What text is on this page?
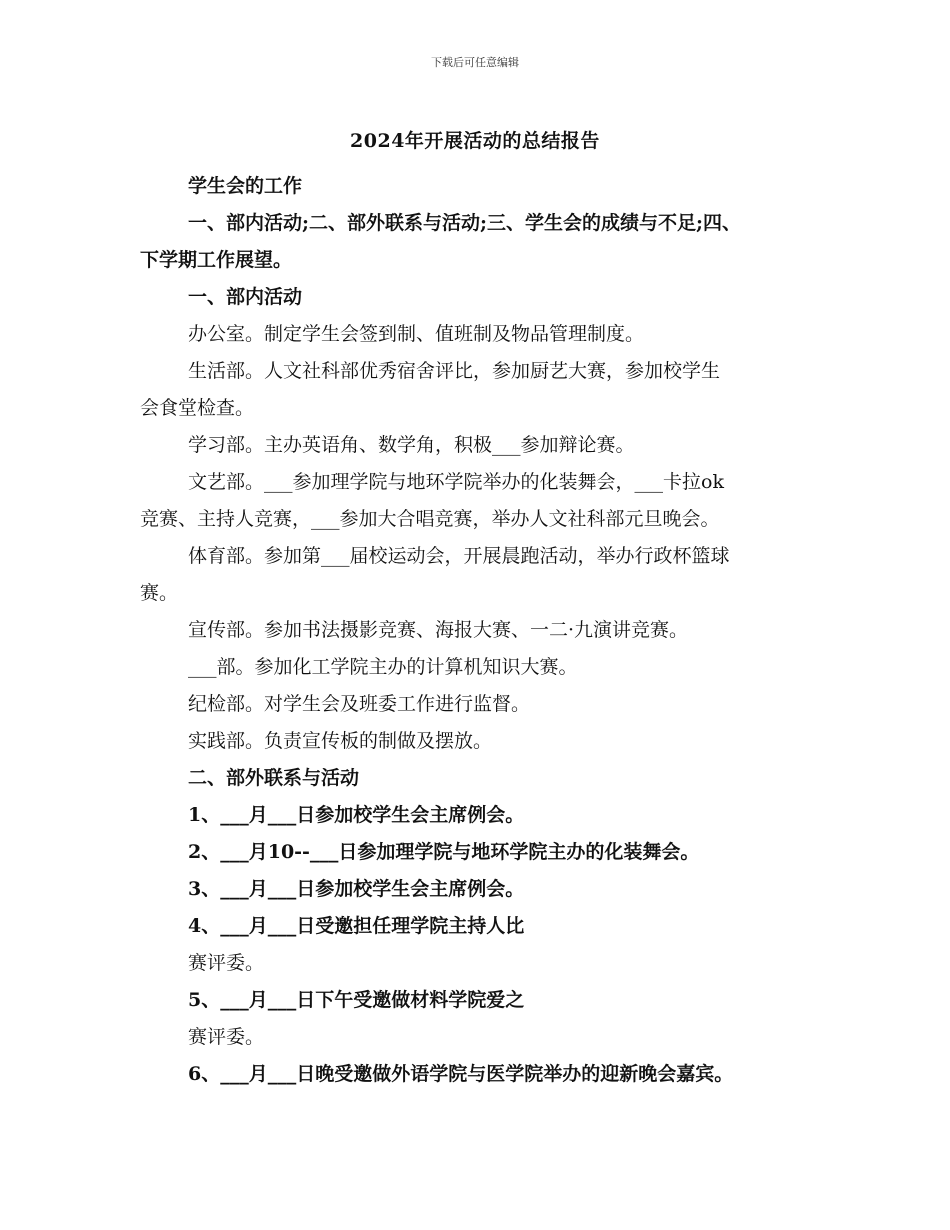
下载后可任意编辑
2024年开展活动的总结报告

学生会的工作

一、部内活动;二、部外联系与活动;三、学生会的成绩与不足;四、

下学期工作展望。

一、部内活动

办公室。制定学生会签到制、值班制及物品管理制度。

生活部。人文社科部优秀宿舍评比，参加厨艺大赛，参加校学生

会食堂检查。

学习部。主办英语角、数学角，积极___参加辩论赛。

文艺部。___参加理学院与地环学院举办的化装舞会，___卡拉ok

竞赛、主持人竞赛，___参加大合唱竞赛，举办人文社科部元旦晚会。

体育部。参加第___届校运动会，开展晨跑活动，举办行政杯篮球

赛。

宣传部。参加书法摄影竞赛、海报大赛、一二·九演讲竞赛。

___部。参加化工学院主办的计算机知识大赛。

纪检部。对学生会及班委工作进行监督。

实践部。负责宣传板的制做及摆放。

二、部外联系与活动

1、___月___日参加校学生会主席例会。

2、___月10--___日参加理学院与地环学院主办的化装舞会。

3、___月___日参加校学生会主席例会。

4、___月___日受邀担任理学院主持人比

赛评委。

5、___月___日下午受邀做材料学院爱之

赛评委。

6、___月___日晚受邀做外语学院与医学院举办的迎新晚会嘉宾。
